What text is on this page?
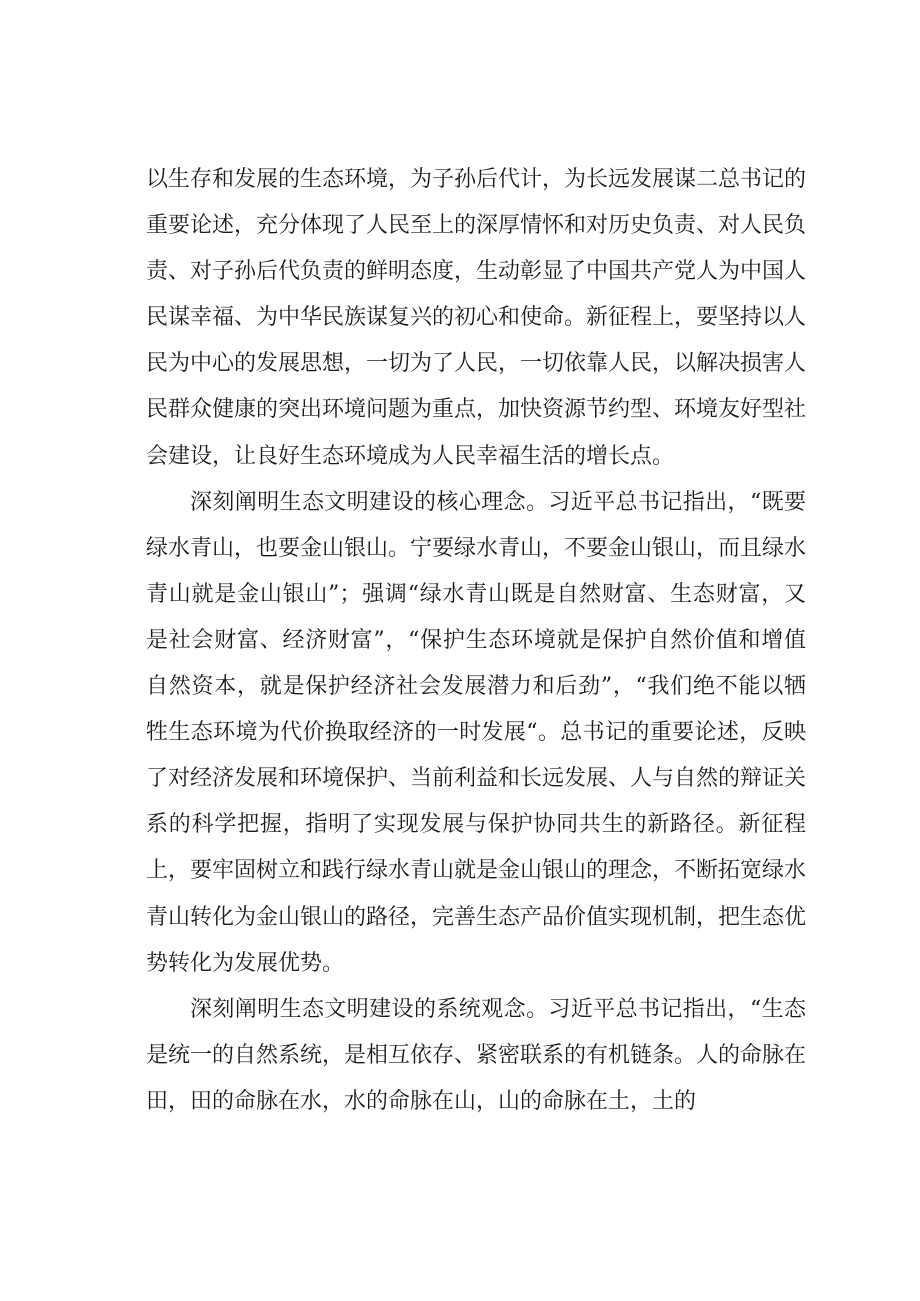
以生存和发展的生态环境，为子孙后代计，为长远发展谋二总书记的重要论述，充分体现了人民至上的深厚情怀和对历史负责、对人民负责、对子孙后代负责的鲜明态度，生动彰显了中国共产党人为中国人民谋幸福、为中华民族谋复兴的初心和使命。新征程上，要坚持以人民为中心的发展思想，一切为了人民，一切依靠人民，以解决损害人民群众健康的突出环境问题为重点，加快资源节约型、环境友好型社会建设，让良好生态环境成为人民幸福生活的增长点。

深刻阐明生态文明建设的核心理念。习近平总书记指出，“既要绿水青山，也要金山银山。宁要绿水青山，不要金山银山，而且绿水青山就是金山银山”；强调“绿水青山既是自然财富、生态财富，又是社会财富、经济财富”，“保护生态环境就是保护自然价值和增值自然资本，就是保护经济社会发展潜力和后劲”，“我们绝不能以牺牲生态环境为代价换取经济的一时发展“。总书记的重要论述，反映了对经济发展和环境保护、当前利益和长远发展、人与自然的辩证关系的科学把握，指明了实现发展与保护协同共生的新路径。新征程上，要牢固树立和践行绿水青山就是金山银山的理念，不断拓宽绿水青山转化为金山银山的路径，完善生态产品价值实现机制，把生态优势转化为发展优势。

深刻阐明生态文明建设的系统观念。习近平总书记指出，“生态是统一的自然系统，是相互依存、紧密联系的有机链条。人的命脉在田，田的命脉在水，水的命脉在山，山的命脉在土，土的
